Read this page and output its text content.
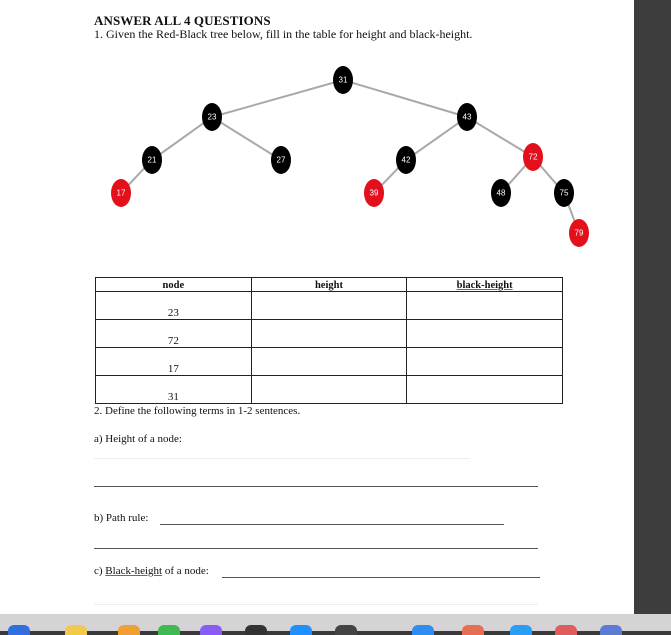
ANSWER ALL 4 QUESTIONS
1. Given the Red-Black tree below, fill in the table for height and black-height.
31
23	43
21	27	42	72
17	39	48	75
79
node	height	black-height
23		
72		
17		
31		
2. Define the following terms in 1-2 sentences.
a) Height of a node:
b) Path rule:
c) Black-height of a node:
